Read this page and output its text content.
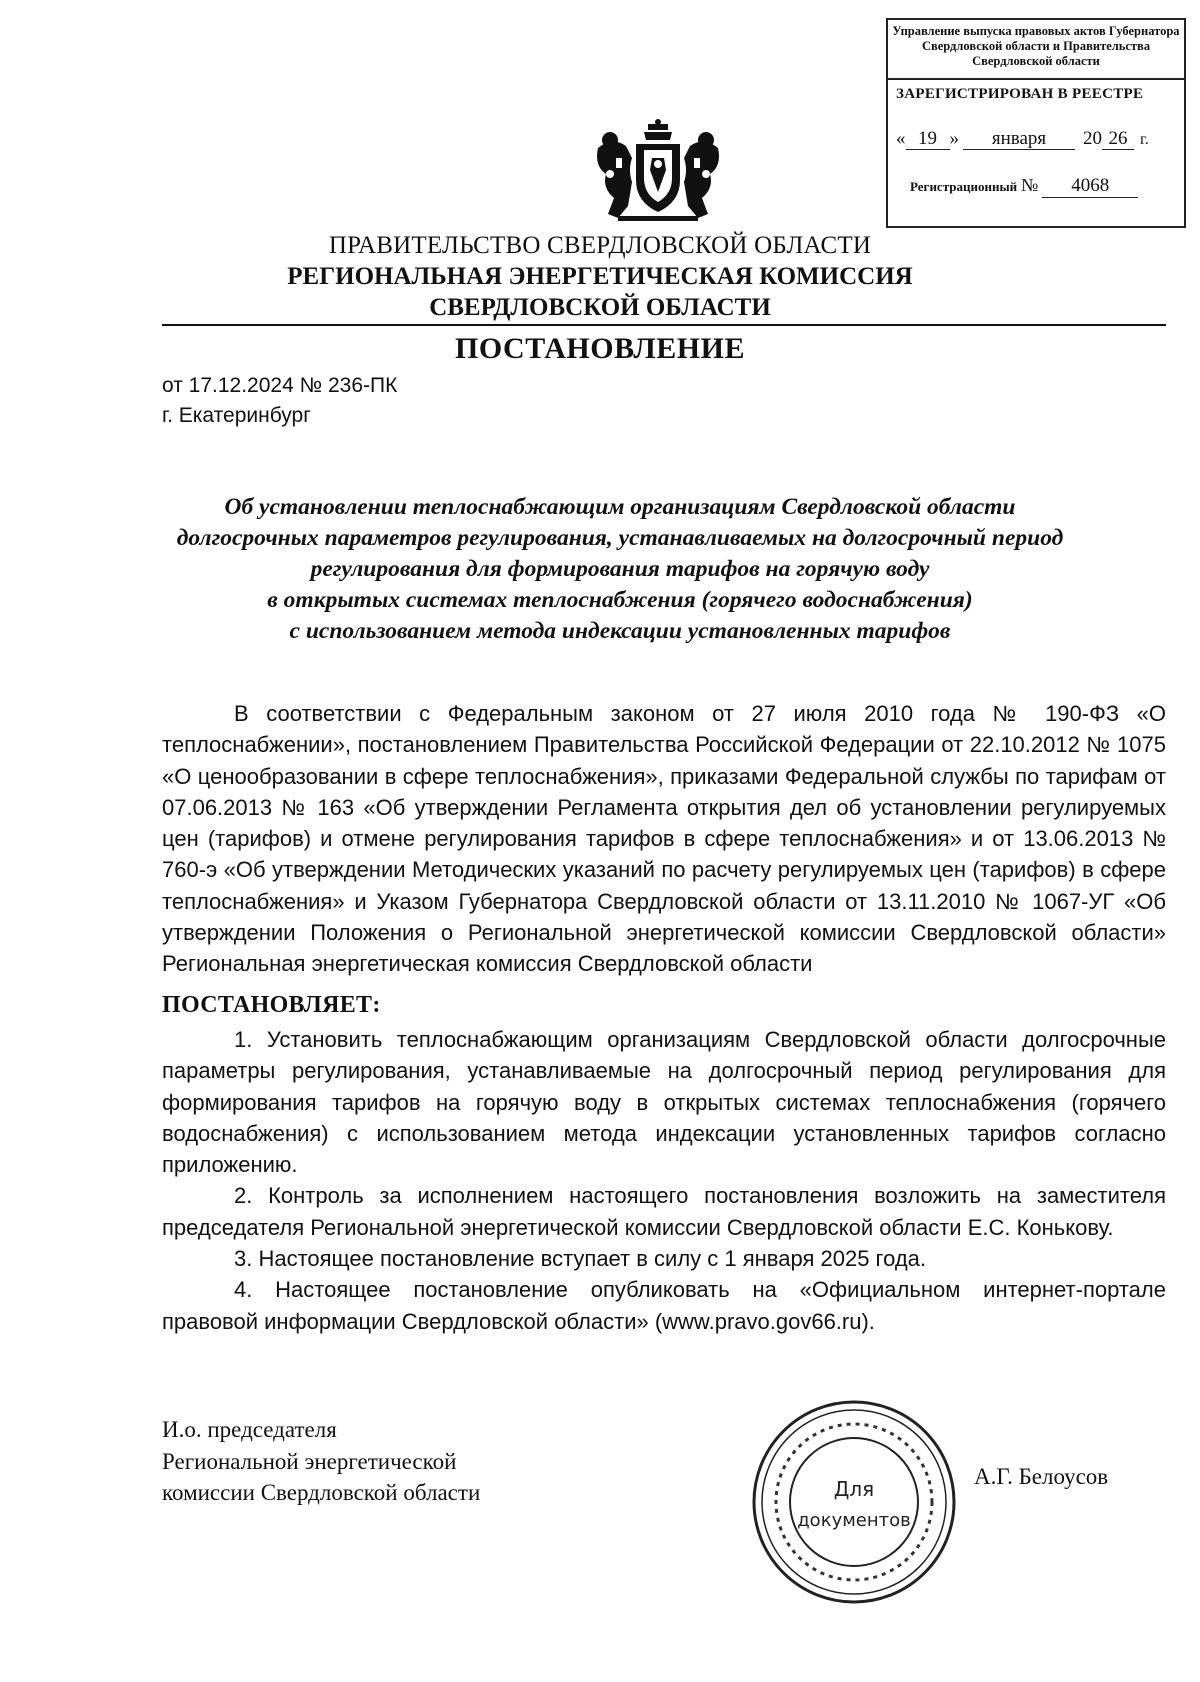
Управление выпуска правовых актов Губернатора Свердловской области и Правительства Свердловской области
ЗАРЕГИСТРИРОВАН В РЕЕСТРЕ
« 19 » января 20 26 г.
Регистрационный № 4068
ПРАВИТЕЛЬСТВО СВЕРДЛОВСКОЙ ОБЛАСТИ
РЕГИОНАЛЬНАЯ ЭНЕРГЕТИЧЕСКАЯ КОМИССИЯ
СВЕРДЛОВСКОЙ ОБЛАСТИ
ПОСТАНОВЛЕНИЕ
от 17.12.2024 № 236-ПК
г. Екатеринбург
Об установлении теплоснабжающим организациям Свердловской области
долгосрочных параметров регулирования, устанавливаемых на долгосрочный период
регулирования для формирования тарифов на горячую воду
в открытых системах теплоснабжения (горячего водоснабжения)
с использованием метода индексации установленных тарифов

В соответствии с Федеральным законом от 27 июля 2010 года № 190-ФЗ «О теплоснабжении», постановлением Правительства Российской Федерации от 22.10.2012 № 1075 «О ценообразовании в сфере теплоснабжения», приказами Федеральной службы по тарифам от 07.06.2013 № 163 «Об утверждении Регламента открытия дел об установлении регулируемых цен (тарифов) и отмене регулирования тарифов в сфере теплоснабжения» и от 13.06.2013 № 760-э «Об утверждении Методических указаний по расчету регулируемых цен (тарифов) в сфере теплоснабжения» и Указом Губернатора Свердловской области от 13.11.2010 № 1067-УГ «Об утверждении Положения о Региональной энергетической комиссии Свердловской области» Региональная энергетическая комиссия Свердловской области

ПОСТАНОВЛЯЕТ:

1. Установить теплоснабжающим организациям Свердловской области долгосрочные параметры регулирования, устанавливаемые на долгосрочный период регулирования для формирования тарифов на горячую воду в открытых системах теплоснабжения (горячего водоснабжения) с использованием метода индексации установленных тарифов согласно приложению.

2. Контроль за исполнением настоящего постановления возложить на заместителя председателя Региональной энергетической комиссии Свердловской области Е.С. Конькову.

3. Настоящее постановление вступает в силу с 1 января 2025 года.

4. Настоящее постановление опубликовать на «Официальном интернет-портале правовой информации Свердловской области» (www.pravo.gov66.ru).

И.о. председателя
Региональной энергетической
комиссии Свердловской области
А.Г. Белоусов
Для
документов
